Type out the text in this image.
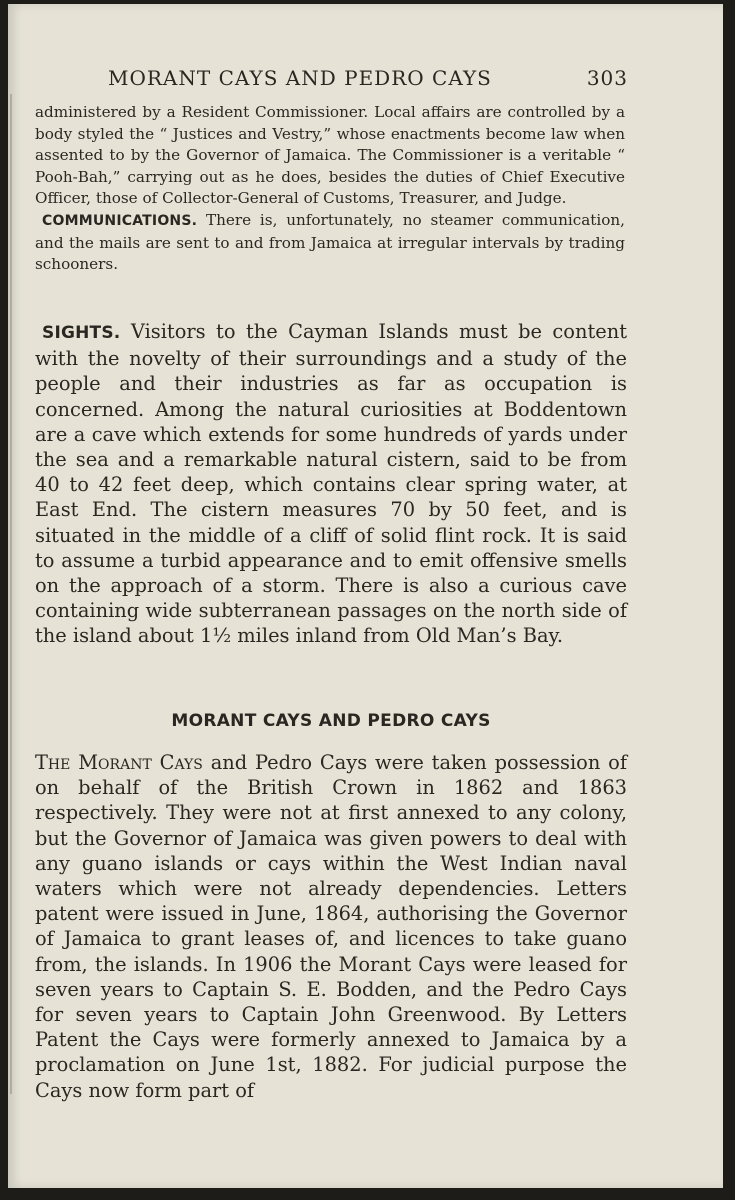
MORANT CAYS AND PEDRO CAYS	303

administered by a Resident Commissioner. Local affairs are controlled by a body styled the “ Justices and Vestry,” whose enactments become law when assented to by the Governor of Jamaica. The Commissioner is a veritable “ Pooh-Bah,” carrying out as he does, besides the duties of Chief Executive Officer, those of Collector-General of Customs, Treasurer, and Judge.

COMMUNICATIONS. There is, unfortunately, no steamer communication, and the mails are sent to and from Jamaica at irregular intervals by trading schooners.

SIGHTS. Visitors to the Cayman Islands must be content with the novelty of their surroundings and a study of the people and their industries as far as occupation is concerned. Among the natural curiosities at Boddentown are a cave which extends for some hundreds of yards under the sea and a remarkable natural cistern, said to be from 40 to 42 feet deep, which contains clear spring water, at East End. The cistern measures 70 by 50 feet, and is situated in the middle of a cliff of solid flint rock. It is said to assume a turbid appearance and to emit offensive smells on the approach of a storm. There is also a curious cave containing wide subterranean passages on the north side of the island about 1½ miles inland from Old Man’s Bay.

MORANT CAYS AND PEDRO CAYS

The Morant Cays and Pedro Cays were taken possession of on behalf of the British Crown in 1862 and 1863 respectively. They were not at first annexed to any colony, but the Governor of Jamaica was given powers to deal with any guano islands or cays within the West Indian naval waters which were not already dependencies. Letters patent were issued in June, 1864, authorising the Governor of Jamaica to grant leases of, and licences to take guano from, the islands. In 1906 the Morant Cays were leased for seven years to Captain S. E. Bodden, and the Pedro Cays for seven years to Captain John Greenwood. By Letters Patent the Cays were formerly annexed to Jamaica by a proclamation on June 1st, 1882. For judicial purpose the Cays now form part of
